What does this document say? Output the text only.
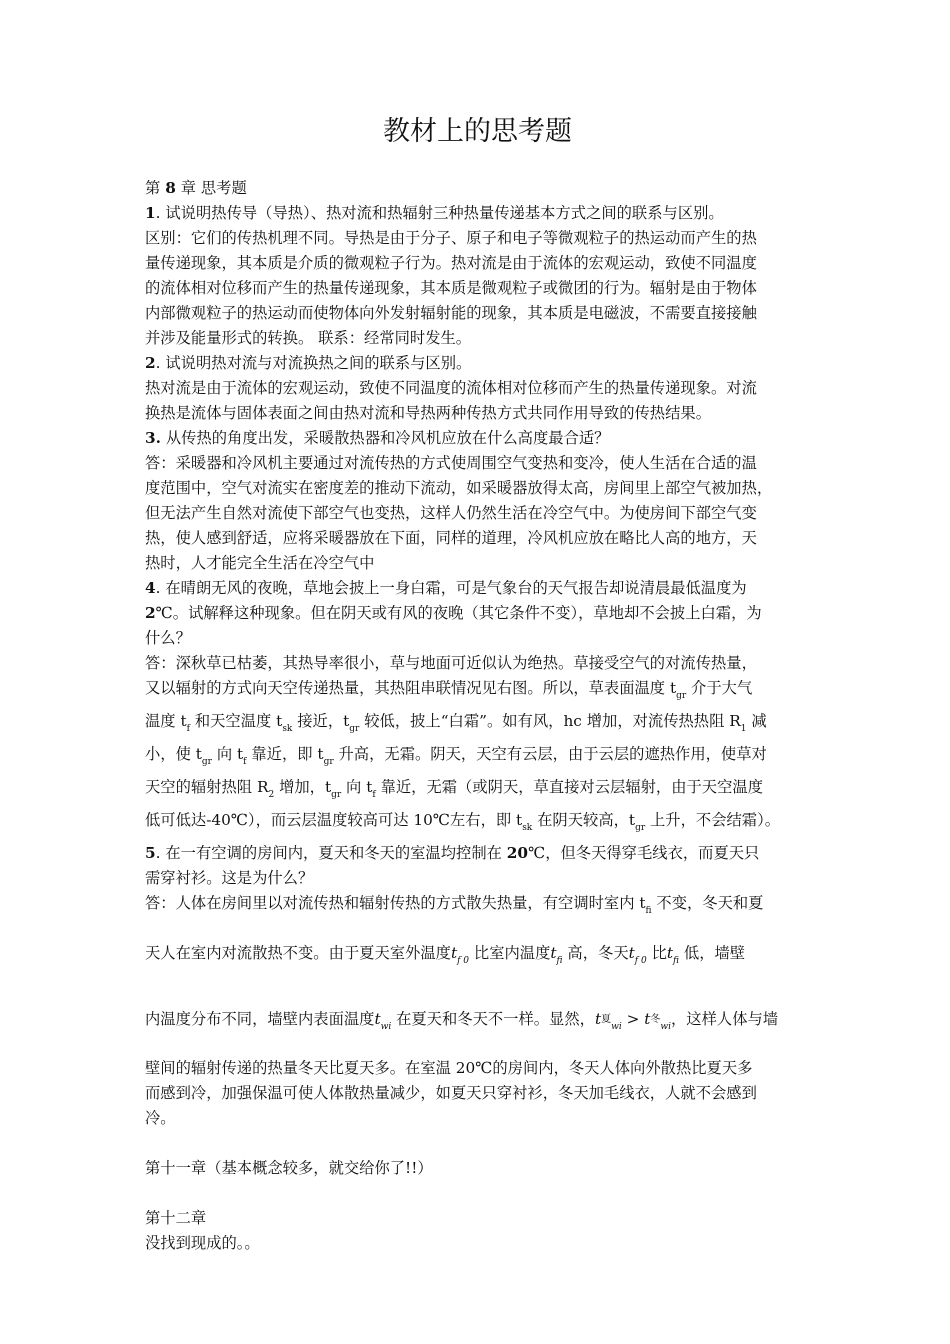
教材上的思考题
第 8 章 思考题
1. 试说明热传导（导热）、热对流和热辐射三种热量传递基本方式之间的联系与区别。
区别：它们的传热机理不同。导热是由于分子、原子和电子等微观粒子的热运动而产生的热
量传递现象，其本质是介质的微观粒子行为。热对流是由于流体的宏观运动，致使不同温度
的流体相对位移而产生的热量传递现象，其本质是微观粒子或微团的行为。辐射是由于物体
内部微观粒子的热运动而使物体向外发射辐射能的现象，其本质是电磁波，不需要直接接触
并涉及能量形式的转换。 联系：经常同时发生。
2. 试说明热对流与对流换热之间的联系与区别。
热对流是由于流体的宏观运动，致使不同温度的流体相对位移而产生的热量传递现象。对流
换热是流体与固体表面之间由热对流和导热两种传热方式共同作用导致的传热结果。
3. 从传热的角度出发，采暖散热器和冷风机应放在什么高度最合适？
答：采暖器和冷风机主要通过对流传热的方式使周围空气变热和变冷，使人生活在合适的温
度范围中，空气对流实在密度差的推动下流动，如采暖器放得太高，房间里上部空气被加热，
但无法产生自然对流使下部空气也变热，这样人仍然生活在冷空气中。为使房间下部空气变
热，使人感到舒适，应将采暖器放在下面，同样的道理，冷风机应放在略比人高的地方，天
热时，人才能完全生活在冷空气中
4. 在晴朗无风的夜晚，草地会披上一身白霜，可是气象台的天气报告却说清晨最低温度为
2℃。试解释这种现象。但在阴天或有风的夜晚（其它条件不变），草地却不会披上白霜，为
什么？
答：深秋草已枯萎，其热导率很小，草与地面可近似认为绝热。草接受空气的对流传热量，
又以辐射的方式向天空传递热量，其热阻串联情况见右图。所以，草表面温度 $t_{gr}$ 介于大气
温度 $t_f$ 和天空温度 $t_{sk}$ 接近，$t_{gr}$ 较低，披上“白霜”。如有风，hc 增加，对流传热热阻 $R_1$ 减
小，使 $t_{gr}$ 向 $t_f$ 靠近，即 $t_{gr}$ 升高，无霜。阴天，天空有云层，由于云层的遮热作用，使草对
天空的辐射热阻 $R_2$ 增加，$t_{gr}$ 向 $t_f$ 靠近，无霜（或阴天，草直接对云层辐射，由于天空温度
低可低达-40℃），而云层温度较高可达 10℃左右，即 $t_{sk}$ 在阴天较高，$t_{gr}$ 上升，不会结霜）。
5. 在一有空调的房间内，夏天和冬天的室温均控制在 20℃，但冬天得穿毛线衣，而夏天只
需穿衬衫。这是为什么？
答：人体在房间里以对流传热和辐射传热的方式散失热量，有空调时室内 $t_{fi}$ 不变，冬天和夏
天人在室内对流散热不变。由于夏天室外温度$t_{f 0}$ 比室内温度$t_{fi}$ 高，冬天$t_{f 0}$ 比$t_{fi}$ 低，墙壁
内温度分布不同，墙壁内表面温度$t_{wi}$ 在夏天和冬天不一样。显然，t夏$_{wi}$ > t冬$_{wi}$，这样人体与墙
壁间的辐射传递的热量冬天比夏天多。在室温 20℃的房间内，冬天人体向外散热比夏天多
而感到冷，加强保温可使人体散热量减少，如夏天只穿衬衫，冬天加毛线衣，人就不会感到
冷。
第十一章（基本概念较多，就交给你了!!）
第十二章
没找到现成的。。
